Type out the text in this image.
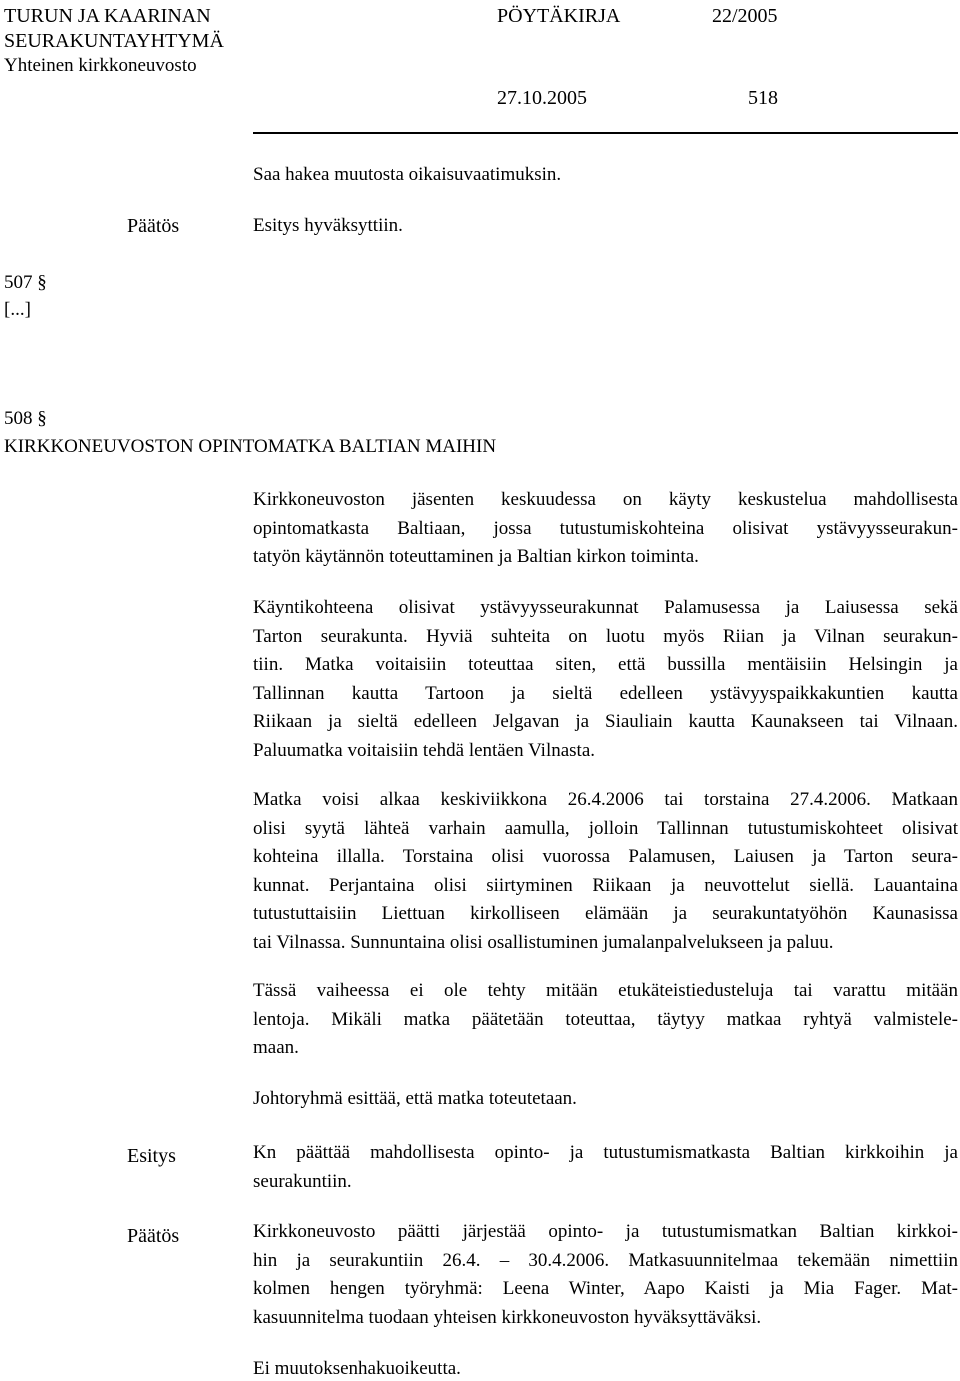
TURUN JA KAARINAN
SEURAKUNTAYHTYMÄ
Yhteinen kirkkoneuvosto
PÖYTÄKIRJA	22/2005
27.10.2005	518
Saa hakea muutosta oikaisuvaatimuksin.
Päätös	Esitys hyväksyttiin.
507 §
[...]
508 §
KIRKKONEUVOSTON OPINTOMATKA BALTIAN MAIHIN
Kirkkoneuvoston jäsenten keskuudessa on käyty keskustelua mahdollisesta
opintomatkasta Baltiaan, jossa tutustumiskohteina olisivat ystävyysseurakun-
tatyön käytännön toteuttaminen ja Baltian kirkon toiminta.
Käyntikohteena olisivat ystävyysseurakunnat Palamusessa ja Laiusessa sekä
Tarton seurakunta. Hyviä suhteita on luotu myös Riian ja Vilnan seurakun-
tiin. Matka voitaisiin toteuttaa siten, että bussilla mentäisiin Helsingin ja
Tallinnan kautta Tartoon ja sieltä edelleen ystävyyspaikkakuntien kautta
Riikaan ja sieltä edelleen Jelgavan ja Siauliain kautta Kaunakseen tai Vilnaan.
Paluumatka voitaisiin tehdä lentäen Vilnasta.
Matka voisi alkaa keskiviikkona 26.4.2006 tai torstaina 27.4.2006. Matkaan
olisi syytä lähteä varhain aamulla, jolloin Tallinnan tutustumiskohteet olisivat
kohteina illalla. Torstaina olisi vuorossa Palamusen, Laiusen ja Tarton seura-
kunnat. Perjantaina olisi siirtyminen Riikaan ja neuvottelut siellä. Lauantaina
tutustuttaisiin Liettuan kirkolliseen elämään ja seurakuntatyöhön Kaunasissa
tai Vilnassa. Sunnuntaina olisi osallistuminen jumalanpalvelukseen ja paluu.
Tässä vaiheessa ei ole tehty mitään etukäteistiedusteluja tai varattu mitään
lentoja. Mikäli matka päätetään toteuttaa, täytyy matkaa ryhtyä valmistele-
maan.
Johtoryhmä esittää, että matka toteutetaan.
Esitys	Kn päättää mahdollisesta opinto- ja tutustumismatkasta Baltian kirkkoihin ja
seurakuntiin.
Päätös	Kirkkoneuvosto päätti järjestää opinto- ja tutustumismatkan Baltian kirkkoi-
hin ja seurakuntiin 26.4. – 30.4.2006. Matkasuunnitelmaa tekemään nimettiin
kolmen hengen työryhmä: Leena Winter, Aapo Kaisti ja Mia Fager. Mat-
kasuunnitelma tuodaan yhteisen kirkkoneuvoston hyväksyttäväksi.
Ei muutoksenhakuoikeutta.
